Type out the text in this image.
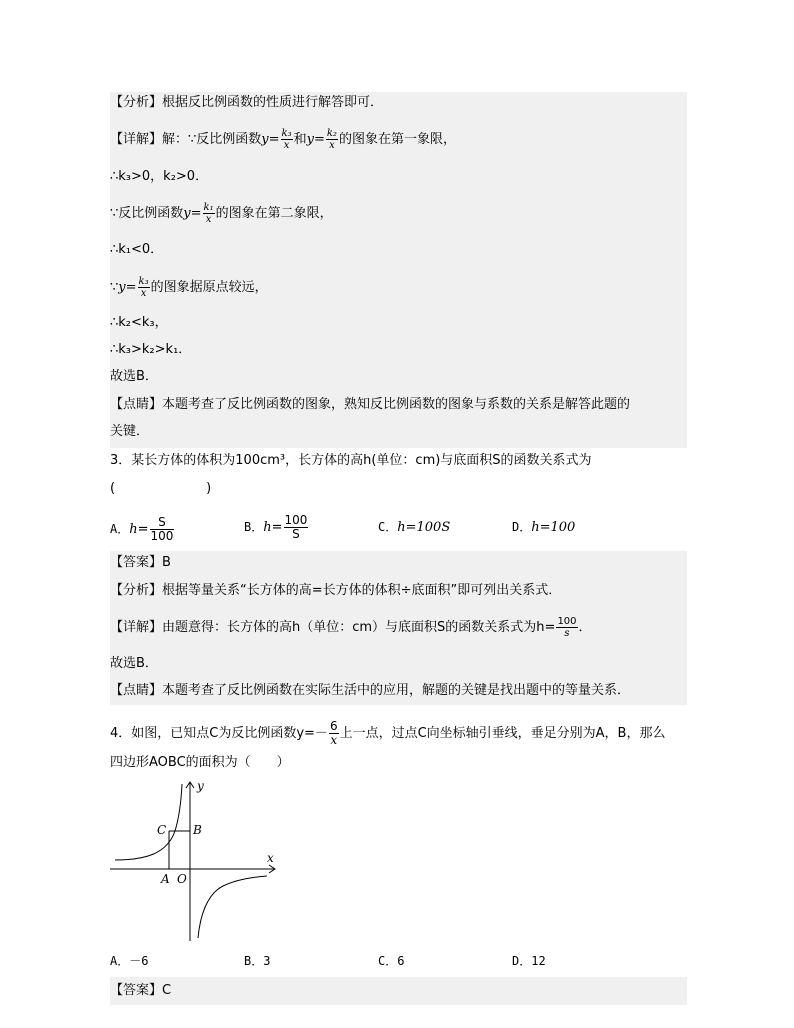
【分析】根据反比例函数的性质进行解答即可．
【详解】解：∵反比例函数$y= \frac{\text{k₃}}{x}$ 和$y= \frac{\text{k₂}}{x}$ 的图象在第一象限，
∴k₃>0，k₂>0．
∵反比例函数$y= \frac{\text{k₁}}{x}$ 的图象在第二象限，
∴k₁<0．
∵y= $\frac{\text{k₃}}{x}$ 的图象据原点较远，
∴k₂<k₃，
∴k₃>k₂>k₁．
故选B．
【点睛】本题考查了反比例函数的图象，熟知反比例函数的图象与系数的关系是解答此题的
关键．
3．某长方体的体积为100cm³，长方体的高h(单位：cm)与底面积S的函数关系式为
(　　　　　　　)
A．$h= \frac{S}{100}$	B．$h= \frac{100}{S}$	C．h=100S	D．h=100
【答案】B
【分析】根据等量关系“长方体的高=长方体的体积÷底面积”即可列出关系式．
【详解】由题意得：长方体的高h（单位：cm）与底面积S的函数关系式为$h= \frac{100}{s}$ ．
故选B．
【点睛】本题考查了反比例函数在实际生活中的应用，解题的关键是找出题中的等量关系．
4．如图，已知点C为反比例函数$y=- \frac{6}{x}$ 上一点，过点C向坐标轴引垂线，垂足分别为A，B，那么
四边形AOBC的面积为（　　）
y
x
C B
A O
A．－6	B．3	C．6	D．12
【答案】C
